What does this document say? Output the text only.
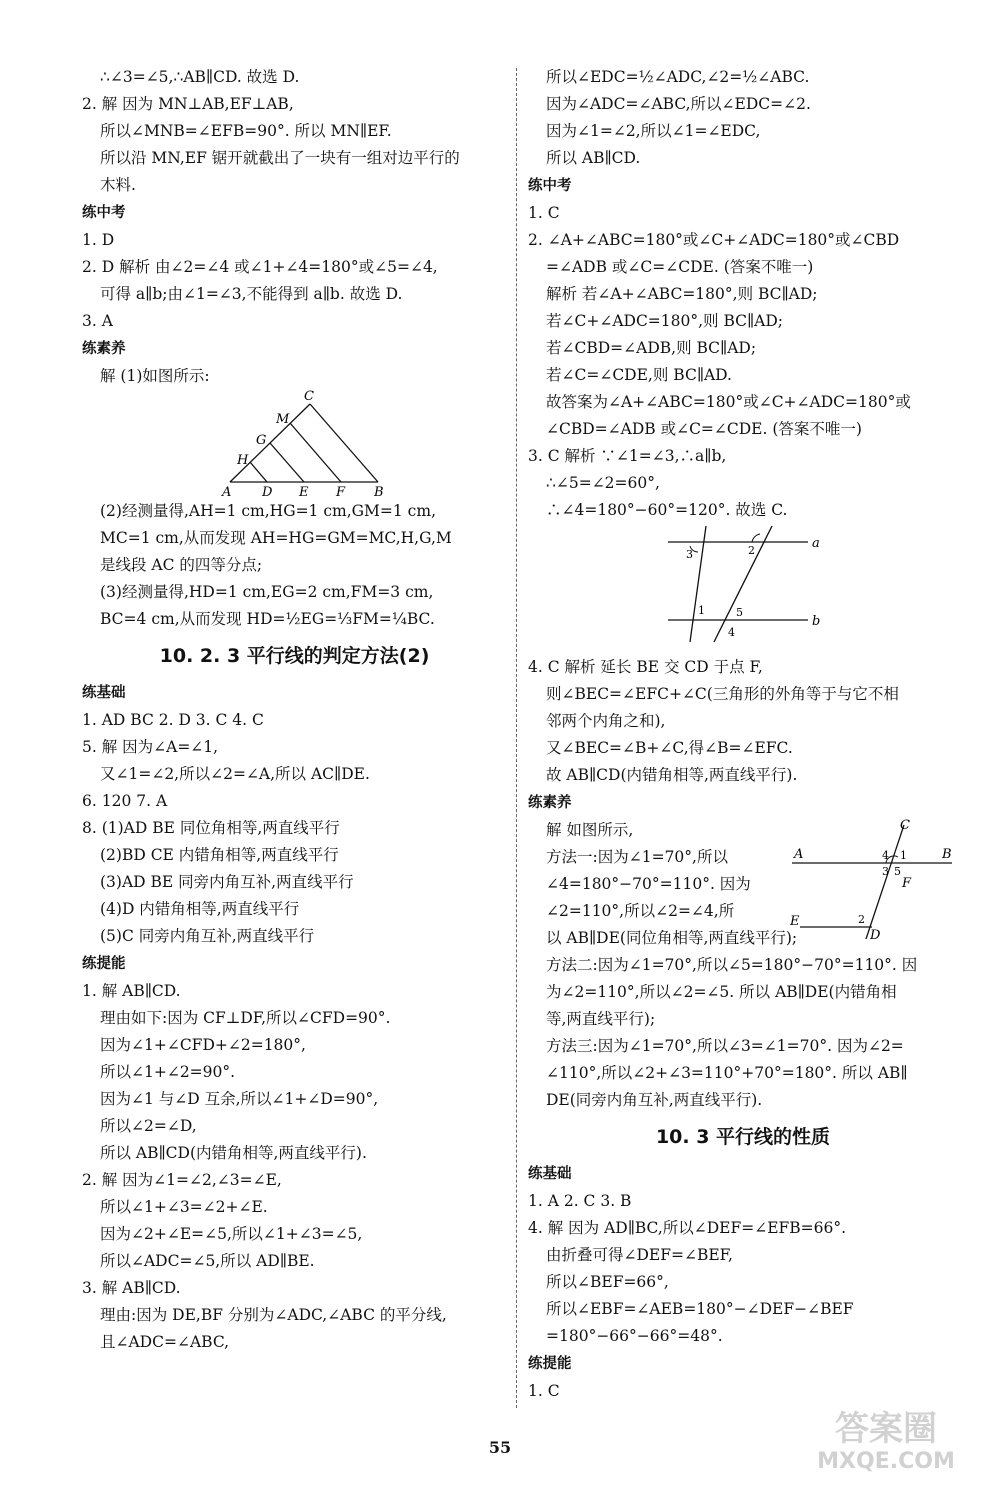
∴∠3=∠5,∴AB∥CD. 故选 D.
2. 解 因为 MN⊥AB,EF⊥AB,
所以∠MNB=∠EFB=90°. 所以 MN∥EF.
所以沿 MN,EF 锯开就截出了一块有一组对边平行的
木料.
练中考
1. D
2. D 解析 由∠2=∠4 或∠1+∠4=180°或∠5=∠4,
可得 a∥b;由∠1=∠3,不能得到 a∥b. 故选 D.
3. A
练素养
解 (1)如图所示:
C
M
G
H
A D E F B
(2)经测量得,AH=1 cm,HG=1 cm,GM=1 cm,
MC=1 cm,从而发现 AH=HG=GM=MC,H,G,M
是线段 AC 的四等分点;
(3)经测量得,HD=1 cm,EG=2 cm,FM=3 cm,
BC=4 cm,从而发现 HD=½EG=⅓FM=¼BC.
10. 2. 3 平行线的判定方法(2)
练基础
1. AD BC 2. D 3. C 4. C
5. 解 因为∠A=∠1,
又∠1=∠2,所以∠2=∠A,所以 AC∥DE.
6. 120 7. A
8. (1)AD BE 同位角相等,两直线平行
(2)BD CE 内错角相等,两直线平行
(3)AD BE 同旁内角互补,两直线平行
(4)D 内错角相等,两直线平行
(5)C 同旁内角互补,两直线平行
练提能
1. 解 AB∥CD.
理由如下:因为 CF⊥DF,所以∠CFD=90°.
因为∠1+∠CFD+∠2=180°,
所以∠1+∠2=90°.
因为∠1 与∠D 互余,所以∠1+∠D=90°,
所以∠2=∠D,
所以 AB∥CD(内错角相等,两直线平行).
2. 解 因为∠1=∠2,∠3=∠E,
所以∠1+∠3=∠2+∠E.
因为∠2+∠E=∠5,所以∠1+∠3=∠5,
所以∠ADC=∠5,所以 AD∥BE.
3. 解 AB∥CD.
理由:因为 DE,BF 分别为∠ADC,∠ABC 的平分线,
且∠ADC=∠ABC,
所以∠EDC=½∠ADC,∠2=½∠ABC.
因为∠ADC=∠ABC,所以∠EDC=∠2.
因为∠1=∠2,所以∠1=∠EDC,
所以 AB∥CD.
练中考
1. C
2. ∠A+∠ABC=180°或∠C+∠ADC=180°或∠CBD
=∠ADB 或∠C=∠CDE. (答案不唯一)
解析 若∠A+∠ABC=180°,则 BC∥AD;
若∠C+∠ADC=180°,则 BC∥AD;
若∠CBD=∠ADB,则 BC∥AD;
若∠C=∠CDE,则 BC∥AD.
故答案为∠A+∠ABC=180°或∠C+∠ADC=180°或
∠CBD=∠ADB 或∠C=∠CDE. (答案不唯一)
3. C 解析 ∵∠1=∠3,∴a∥b,
∴∠5=∠2=60°,
∴∠4=180°−60°=120°. 故选 C.
a
b
1
2
3
4
5
4. C 解析 延长 BE 交 CD 于点 F,
则∠BEC=∠EFC+∠C(三角形的外角等于与它不相
邻两个内角之和),
又∠BEC=∠B+∠C,得∠B=∠EFC.
故 AB∥CD(内错角相等,两直线平行).
练素养
解 如图所示,
方法一:因为∠1=70°,所以
∠4=180°−70°=110°. 因为
∠2=110°,所以∠2=∠4,所
以 AB∥DE(同位角相等,两直线平行);
方法二:因为∠1=70°,所以∠5=180°−70°=110°. 因
为∠2=110°,所以∠2=∠5. 所以 AB∥DE(内错角相
等,两直线平行);
方法三:因为∠1=70°,所以∠3=∠1=70°. 因为∠2=
∠110°,所以∠2+∠3=110°+70°=180°. 所以 AB∥
DE(同旁内角互补,两直线平行).
10. 3 平行线的性质
练基础
1. A 2. C 3. B
4. 解 因为 AD∥BC,所以∠DEF=∠EFB=66°.
由折叠可得∠DEF=∠BEF,
所以∠BEF=66°,
所以∠EBF=∠AEB=180°−∠DEF−∠BEF
=180°−66°−66°=48°.
练提能
1. C
C
A	B
E
D
F
4 1
3 5
2
55	答案圈
MXQE.COM
